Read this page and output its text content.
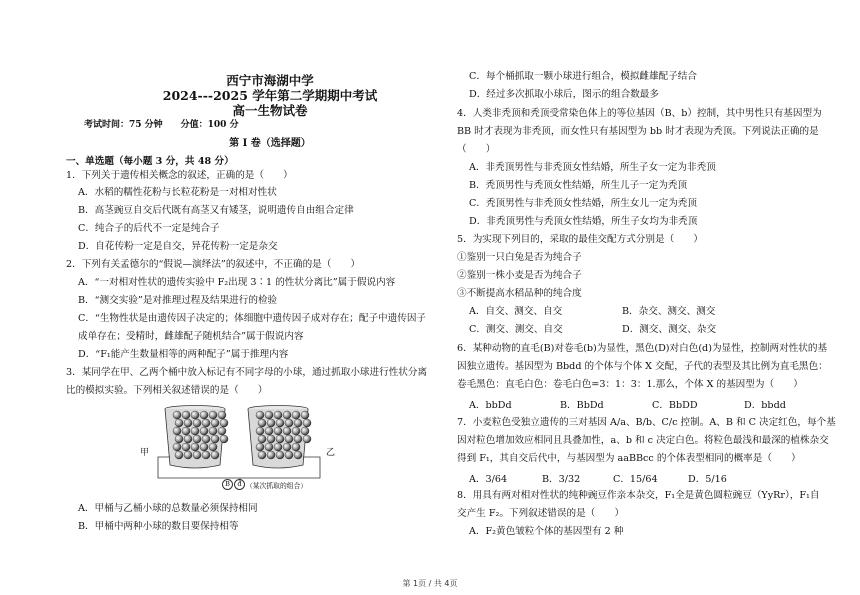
西宁市海湖中学
2024---2025 学年第二学期期中考试
高一生物试卷
考试时间：75 分钟　　分值：100 分
第 I 卷（选择题）
一、单选题（每小题 3 分，共 48 分）
1．下列关于遗传相关概念的叙述，正确的是（　　）
A．水稻的糯性花粉与长粒花粉是一对相对性状
B．高茎豌豆自交后代既有高茎又有矮茎，说明遗传自由组合定律
C．纯合子的后代不一定是纯合子
D．自花传粉一定是自交，异花传粉一定是杂交
2．下列有关孟德尔的“假说—演绎法”的叙述中，不正确的是（　　）
A．“一对相对性状的遗传实验中 F₂出现 3∶1 的性状分离比”属于假说内容
B．“测交实验”是对推理过程及结果进行的检验
C．“生物性状是由遗传因子决定的；体细胞中遗传因子成对存在；配子中遗传因子
成单存在；受精时，雌雄配子随机结合”属于假说内容
D．“F₁能产生数量相等的两种配子”属于推理内容
3．某同学在甲、乙两个桶中放入标记有不同字母的小球，通过抓取小球进行性状分离
比的模拟实验。下列相关叙述错误的是（　　）
甲	乙
B	d （某次抓取的组合）
A．甲桶与乙桶小球的总数量必须保持相同
B．甲桶中两种小球的数目要保持相等
C．每个桶抓取一颗小球进行组合，模拟雌雄配子结合
D．经过多次抓取小球后，图示的组合数最多
4．人类非秃顶和秃顶受常染色体上的等位基因（B、b）控制，其中男性只有基因型为
BB 时才表现为非秃顶，而女性只有基因型为 bb 时才表现为秃顶。下列说法正确的是
（　　）
A．非秃顶男性与非秃顶女性结婚，所生子女一定为非秃顶
B．秃顶男性与秃顶女性结婚，所生儿子一定为秃顶
C．秃顶男性与非秃顶女性结婚，所生女儿一定为秃顶
D．非秃顶男性与秃顶女性结婚，所生子女均为非秃顶
5．为实现下列目的，采取的最佳交配方式分别是（　　）
①鉴别一只白兔是否为纯合子
②鉴别一株小麦是否为纯合子
③不断提高水稻品种的纯合度
A．自交、测交、自交	B．杂交、测交、测交
C．测交、测交、自交	D．测交、测交、杂交
6．某种动物的直毛(B)对卷毛(b)为显性，黑色(D)对白色(d)为显性，控制两对性状的基
因独立遗传。基因型为 Bbdd 的个体与个体 X 交配，子代的表型及其比例为直毛黑色：
卷毛黑色：直毛白色：卷毛白色=3：1：3：1.那么，个体 X 的基因型为（　　）
A．bbDd	B．BbDd	C．BbDD	D．bbdd
7．小麦粒色受独立遗传的三对基因 A/a、B/b、C/c 控制。A、B 和 C 决定红色，每个基
因对粒色增加效应相同且具叠加性，a、b 和 c 决定白色。将粒色最浅和最深的植株杂交
得到 F₁，其自交后代中，与基因型为 aaBBcc 的个体表型相同的概率是（　　）
A．3/64	B．3/32	C．15/64	D．5/16
8．用具有两对相对性状的纯种豌豆作亲本杂交，F₁全是黄色圆粒豌豆（YyRr），F₁自
交产生 F₂。下列叙述错误的是（　　）
A．F₂黄色皱粒个体的基因型有 2 种
第 1页 / 共 4页
